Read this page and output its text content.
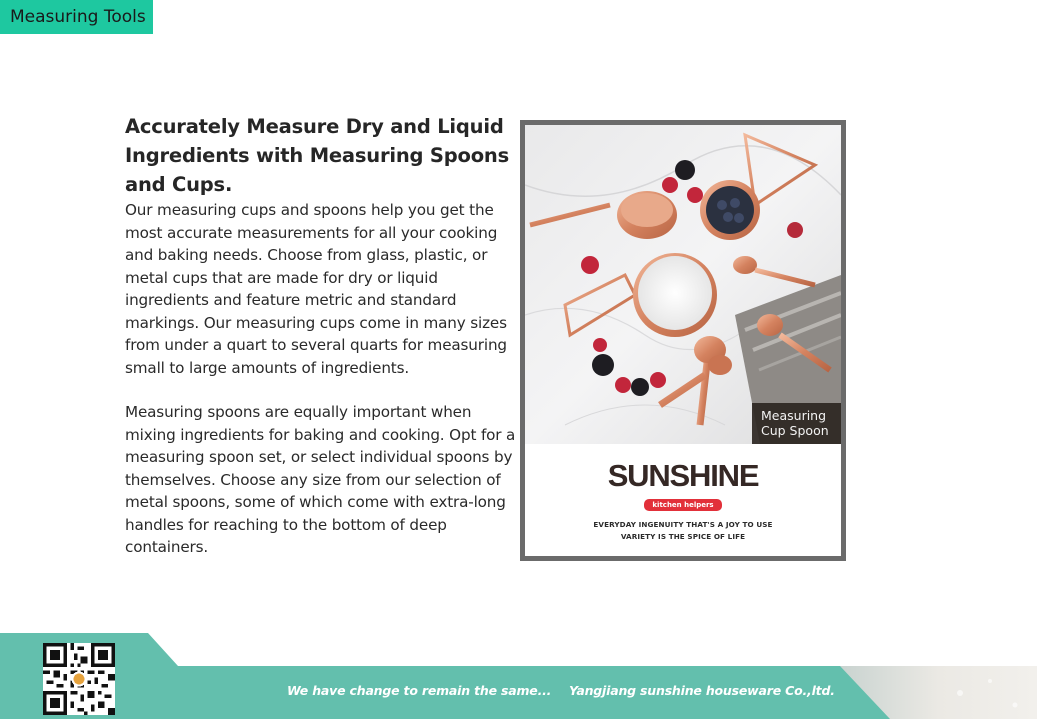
Measuring Tools
Accurately Measure Dry and Liquid Ingredients with Measuring Spoons and Cups.

Our measuring cups and spoons help you get the most accurate measurements for all your cooking and baking needs. Choose from glass, plastic, or metal cups that are made for dry or liquid ingredients and feature metric and standard markings. Our measuring cups come in many sizes from under a quart to several quarts for measuring small to large amounts of ingredients.

Measuring spoons are equally important when mixing ingredients for baking and cooking. Opt for a measuring spoon set, or select individual spoons by themselves. Choose any size from our selection of metal spoons, some of which come with extra-long handles for reaching to the bottom of deep containers.

Measuring
Cup Spoon
SUNSHINE
kitchen helpers
EVERYDAY INGENUITY THAT'S A JOY TO USE
VARIETY IS THE SPICE OF LIFE
We have change to remain the same... Yangjiang sunshine houseware Co.,ltd.
